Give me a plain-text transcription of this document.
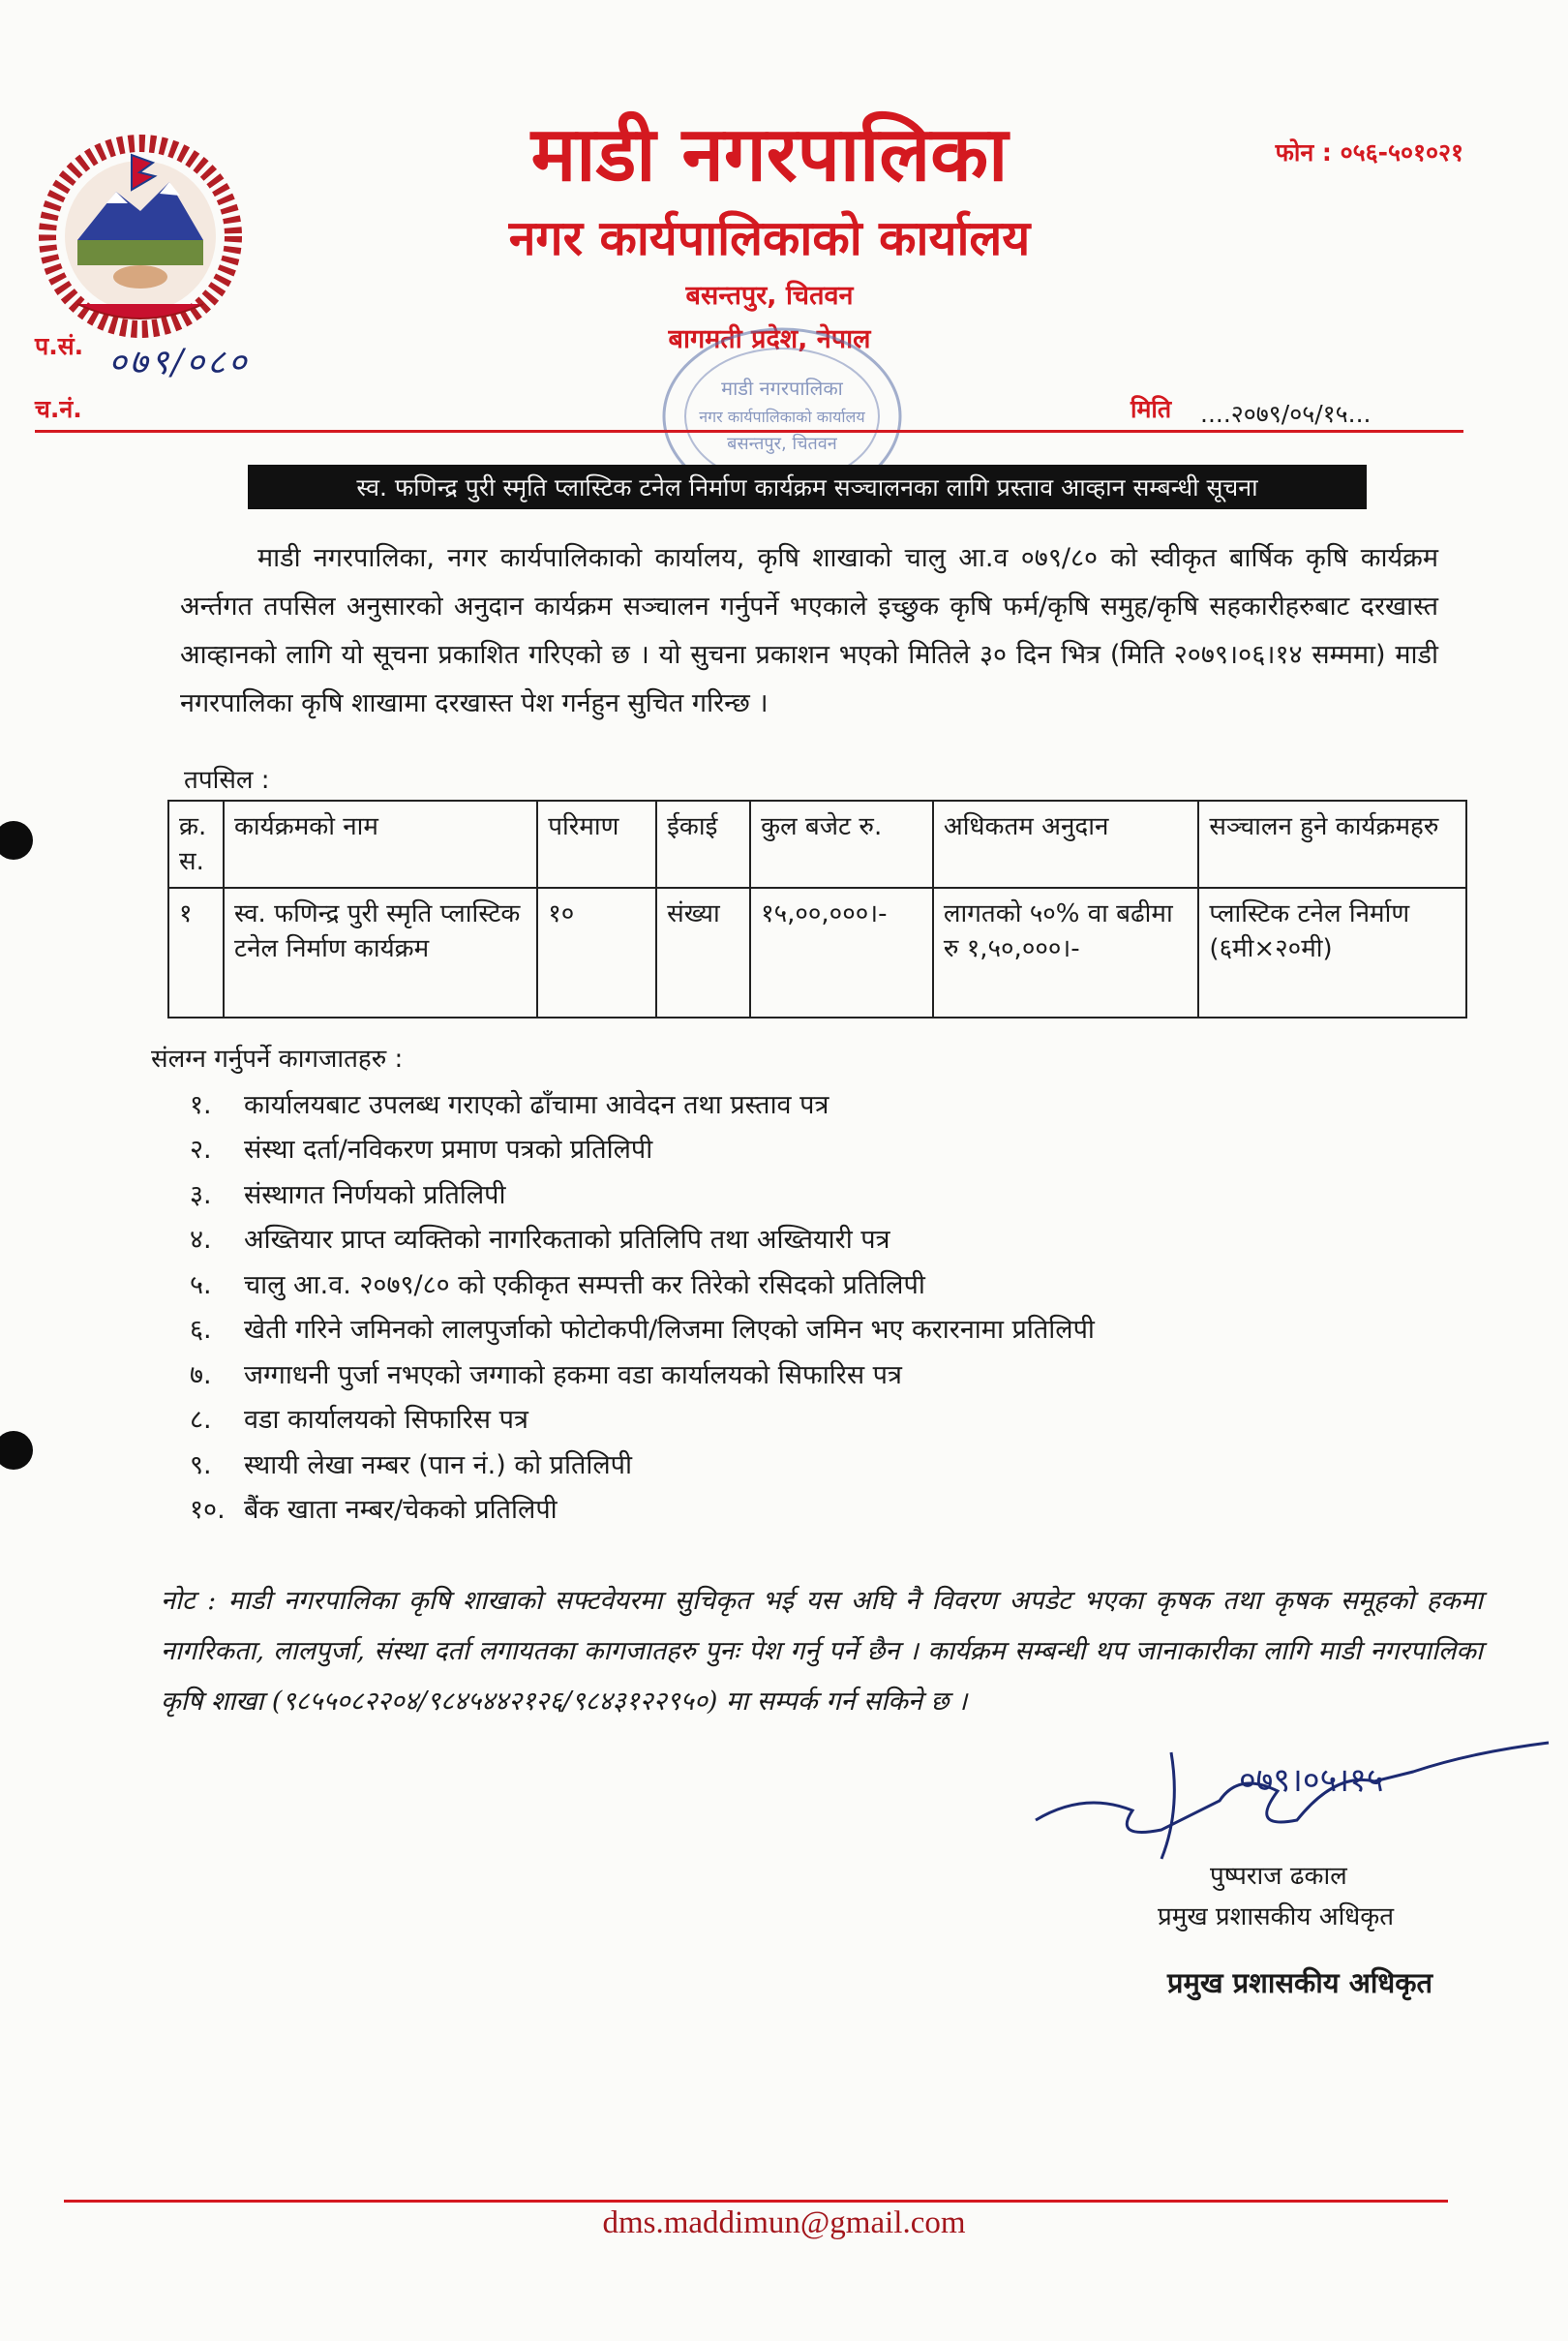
माडी नगरपालिका
नगर कार्यपालिकाको कार्यालय
बसन्तपुर, चितवन
बागमती प्रदेश, नेपाल
फोन : ०५६-५०१०२१
प.सं. ०७९/०८०
च.नं.	मिति ....२०७९/०५/१५...
माडी नगरपालिका
नगर कार्यपालिकाको कार्यालय
बसन्तपुर, चितवन
स्व. फणिन्द्र पुरी स्मृति प्लास्टिक टनेल निर्माण कार्यक्रम सञ्चालनका लागि प्रस्ताव आव्हान सम्बन्धी सूचना
माडी नगरपालिका, नगर कार्यपालिकाको कार्यालय, कृषि शाखाको चालु आ.व ०७९/८० को स्वीकृत बार्षिक कृषि कार्यक्रम अर्न्तगत तपसिल अनुसारको अनुदान कार्यक्रम सञ्चालन गर्नुपर्ने भएकाले इच्छुक कृषि फर्म/कृषि समुह/कृषि सहकारीहरुबाट दरखास्त आव्हानको लागि यो सूचना प्रकाशित गरिएको छ । यो सुचना प्रकाशन भएको मितिले ३० दिन भित्र (मिति २०७९।०६।१४ सम्ममा) माडी नगरपालिका कृषि शाखामा दरखास्त पेश गर्नहुन सुचित गरिन्छ ।
तपसिल :
क्र. स.	कार्यक्रमको नाम	परिमाण	ईकाई	कुल बजेट रु.	अधिकतम अनुदान	सञ्चालन हुने कार्यक्रमहरु
१	स्व. फणिन्द्र पुरी स्मृति प्लास्टिक टनेल निर्माण कार्यक्रम	१०	संख्या	१५,००,०००।-	लागतको ५०% वा बढीमा रु १,५०,०००।-	प्लास्टिक टनेल निर्माण (६मी×२०मी)
संलग्न गर्नुपर्ने कागजातहरु :
१.	कार्यालयबाट उपलब्ध गराएको ढाँचामा आवेदन तथा प्रस्ताव पत्र
२.	संस्था दर्ता/नविकरण प्रमाण पत्रको प्रतिलिपी
३.	संस्थागत निर्णयको प्रतिलिपी
४.	अख्तियार प्राप्त व्यक्तिको नागरिकताको प्रतिलिपि तथा अख्तियारी पत्र
५.	चालु आ.व. २०७९/८० को एकीकृत सम्पत्ती कर तिरेको रसिदको प्रतिलिपी
६.	खेती गरिने जमिनको लालपुर्जाको फोटोकपी/लिजमा लिएको जमिन भए करारनामा प्रतिलिपी
७.	जग्गाधनी पुर्जा नभएको जग्गाको हकमा वडा कार्यालयको सिफारिस पत्र
८.	वडा कार्यालयको सिफारिस पत्र
९.	स्थायी लेखा नम्बर (पान नं.) को प्रतिलिपी
१०. बैंक खाता नम्बर/चेकको प्रतिलिपी
नोट : माडी नगरपालिका कृषि शाखाको सफ्टवेयरमा सुचिकृत भई यस अघि नै विवरण अपडेट भएका कृषक तथा कृषक समूहको हकमा नागरिकता, लालपुर्जा, संस्था दर्ता लगायतका कागजातहरु पुनः पेश गर्नु पर्ने छैन । कार्यक्रम सम्बन्धी थप जानाकारीका लागि माडी नगरपालिका कृषि शाखा (९८५५०८२२०४/९८४५४४२१२६/९८४३१२२९५०) मा सम्पर्क गर्न सकिने छ ।
०७९।०५।१५
पुष्पराज ढकाल
प्रमुख प्रशासकीय अधिकृत
प्रमुख प्रशासकीय अधिकृत
dms.maddimun@gmail.com
